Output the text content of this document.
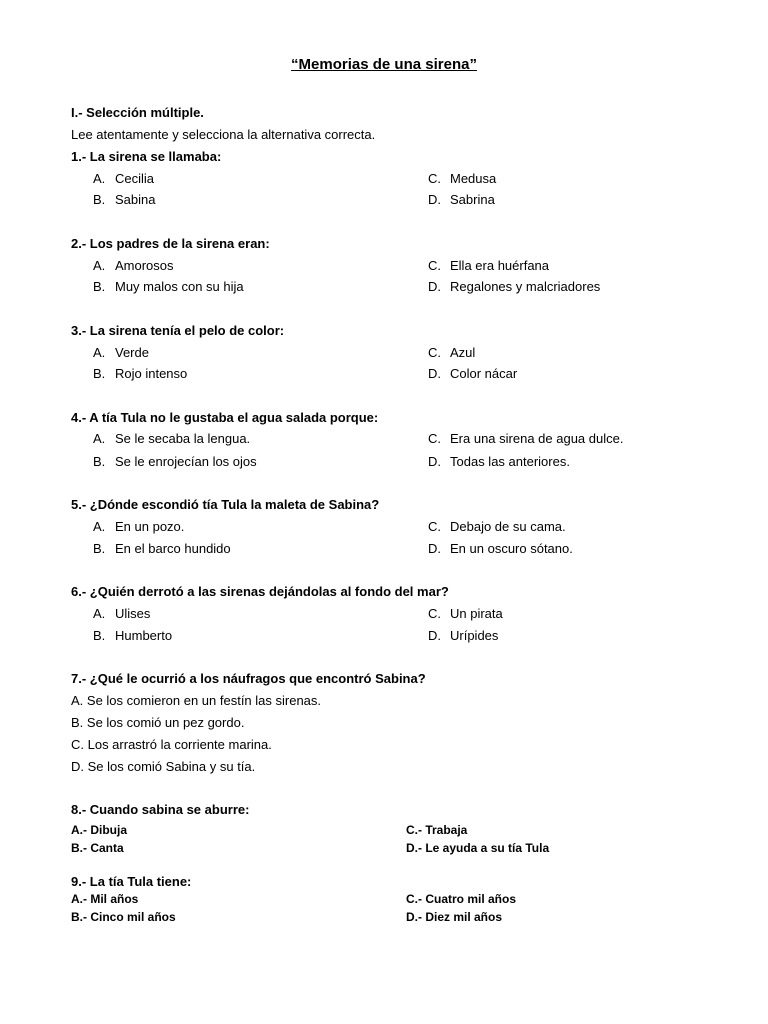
“Memorias de una sirena”
I.- Selección múltiple.
Lee atentamente y selecciona la alternativa correcta.
1.- La sirena se llamaba:
A. Cecilia	C. Medusa
B. Sabina	D. Sabrina
2.- Los padres de la sirena eran:
A. Amorosos	C. Ella era huérfana
B. Muy malos con su hija	D. Regalones y malcriadores
3.- La sirena tenía el pelo de color:
A. Verde	C. Azul
B. Rojo intenso	D. Color nácar
4.- A tía Tula no le gustaba el agua salada porque:
A. Se le secaba la lengua.	C. Era una sirena de agua dulce.
B. Se le enrojecían los ojos	D. Todas las anteriores.
5.- ¿Dónde escondió tía Tula la maleta de Sabina?
A. En un pozo.	C. Debajo de su cama.
B. En el barco hundido	D. En un oscuro sótano.
6.- ¿Quién derrotó a las sirenas dejándolas al fondo del mar?
A. Ulises	C. Un pirata
B. Humberto	D. Urípides
7.- ¿Qué le ocurrió a los náufragos que encontró Sabina?
A. Se los comieron en un festín las sirenas.
B. Se los comió un pez gordo.
C. Los arrastró la corriente marina.
D. Se los comió Sabina y su tía.
8.- Cuando sabina se aburre:
A.- Dibuja	C.- Trabaja
B.- Canta	D.- Le ayuda a su tía Tula
9.- La tía Tula tiene:
A.- Mil años	C.- Cuatro mil años
B.- Cinco mil años	D.- Diez mil años
